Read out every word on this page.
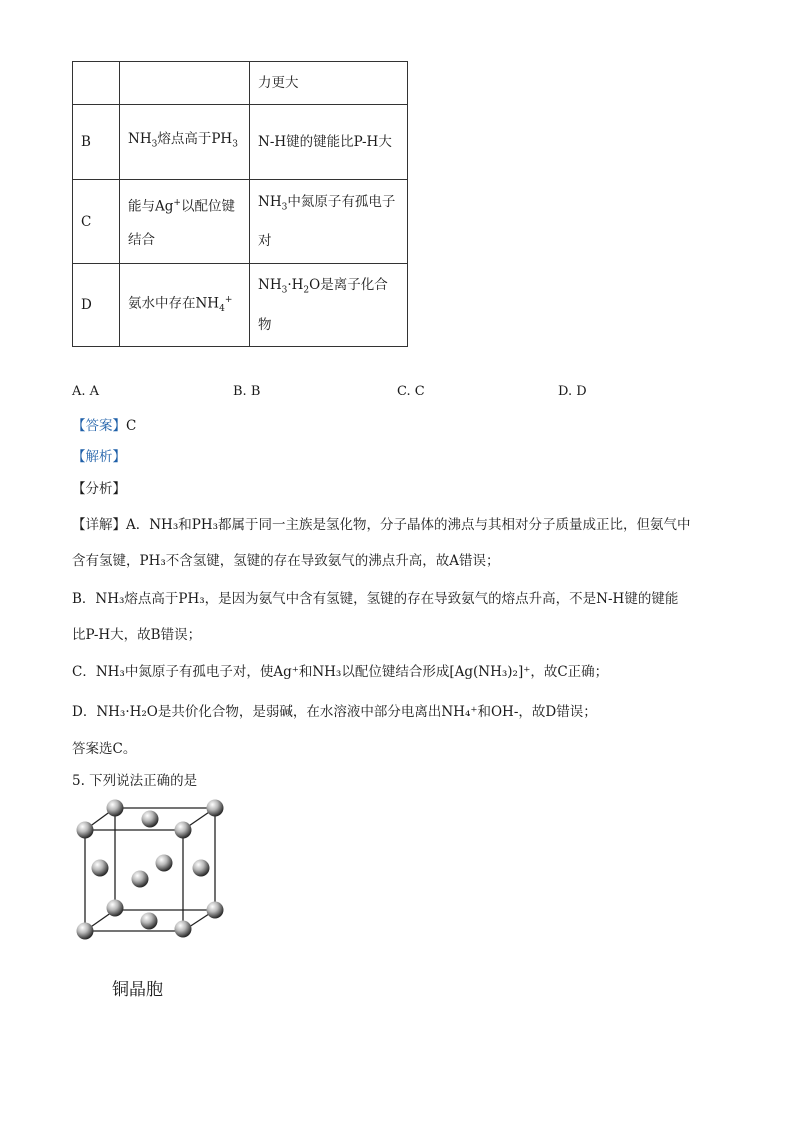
		力更大
B	$NH_3$熔点高于$PH_3$	N-H键的键能比P-H大
C	能与Ag+以配位键结合	$NH_3$中氮原子有孤电子对
D	氨水中存在$NH_4^+$	$NH_3\cdot H_2O$是离子化合物
A. A	B. B	C. C	D. D
【答案】C
【解析】
【分析】
【详解】A．NH₃和PH₃都属于同一主族是氢化物，分子晶体的沸点与其相对分子质量成正比，但氨气中
含有氢键，PH₃不含氢键，氢键的存在导致氨气的沸点升高，故A错误；
B．NH₃熔点高于PH₃，是因为氨气中含有氢键，氢键的存在导致氨气的熔点升高，不是N-H键的键能
比P-H大，故B错误；
C．NH₃中氮原子有孤电子对，使Ag⁺和NH₃以配位键结合形成[Ag(NH₃)₂]⁺，故C正确；
D．NH₃·H₂O是共价化合物，是弱碱，在水溶液中部分电离出NH₄⁺和OH-，故D错误；
答案选C。
5. 下列说法正确的是
铜晶胞
